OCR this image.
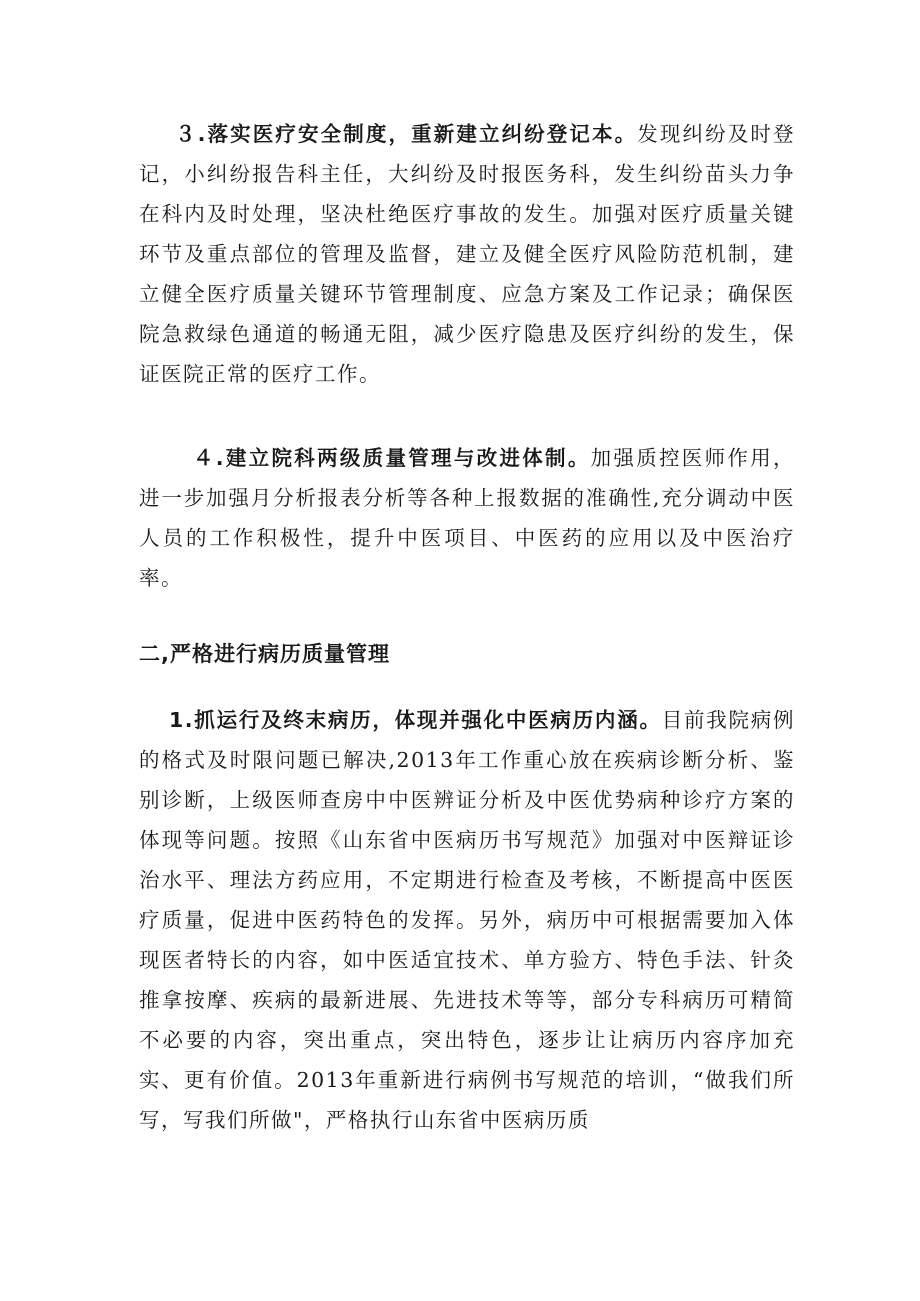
３.落实医疗安全制度，重新建立纠纷登记本。发现纠纷及时登记，小纠纷报告科主任，大纠纷及时报医务科，发生纠纷苗头力争在科内及时处理，坚决杜绝医疗事故的发生。加强对医疗质量关键环节及重点部位的管理及监督，建立及健全医疗风险防范机制，建立健全医疗质量关键环节管理制度、应急方案及工作记录；确保医院急救绿色通道的畅通无阻，减少医疗隐患及医疗纠纷的发生，保证医院正常的医疗工作。

４.建立院科两级质量管理与改进体制。加强质控医师作用，进一步加强月分析报表分析等各种上报数据的准确性,充分调动中医人员的工作积极性，提升中医项目、中医药的应用以及中医治疗率。

二,严格进行病历质量管理

1.抓运行及终末病历，体现并强化中医病历内涵。目前我院病例的格式及时限问题已解决,2013年工作重心放在疾病诊断分析、鉴别诊断，上级医师查房中中医辨证分析及中医优势病种诊疗方案的体现等问题。按照《山东省中医病历书写规范》加强对中医辩证诊治水平、理法方药应用，不定期进行检查及考核，不断提高中医医疗质量，促进中医药特色的发挥。另外，病历中可根据需要加入体现医者特长的内容，如中医适宜技术、单方验方、特色手法、针灸推拿按摩、疾病的最新进展、先进技术等等，部分专科病历可精简不必要的内容，突出重点，突出特色，逐步让让病历内容序加充实、更有价值。2013年重新进行病例书写规范的培训，“做我们所写，写我们所做"，严格执行山东省中医病历质
